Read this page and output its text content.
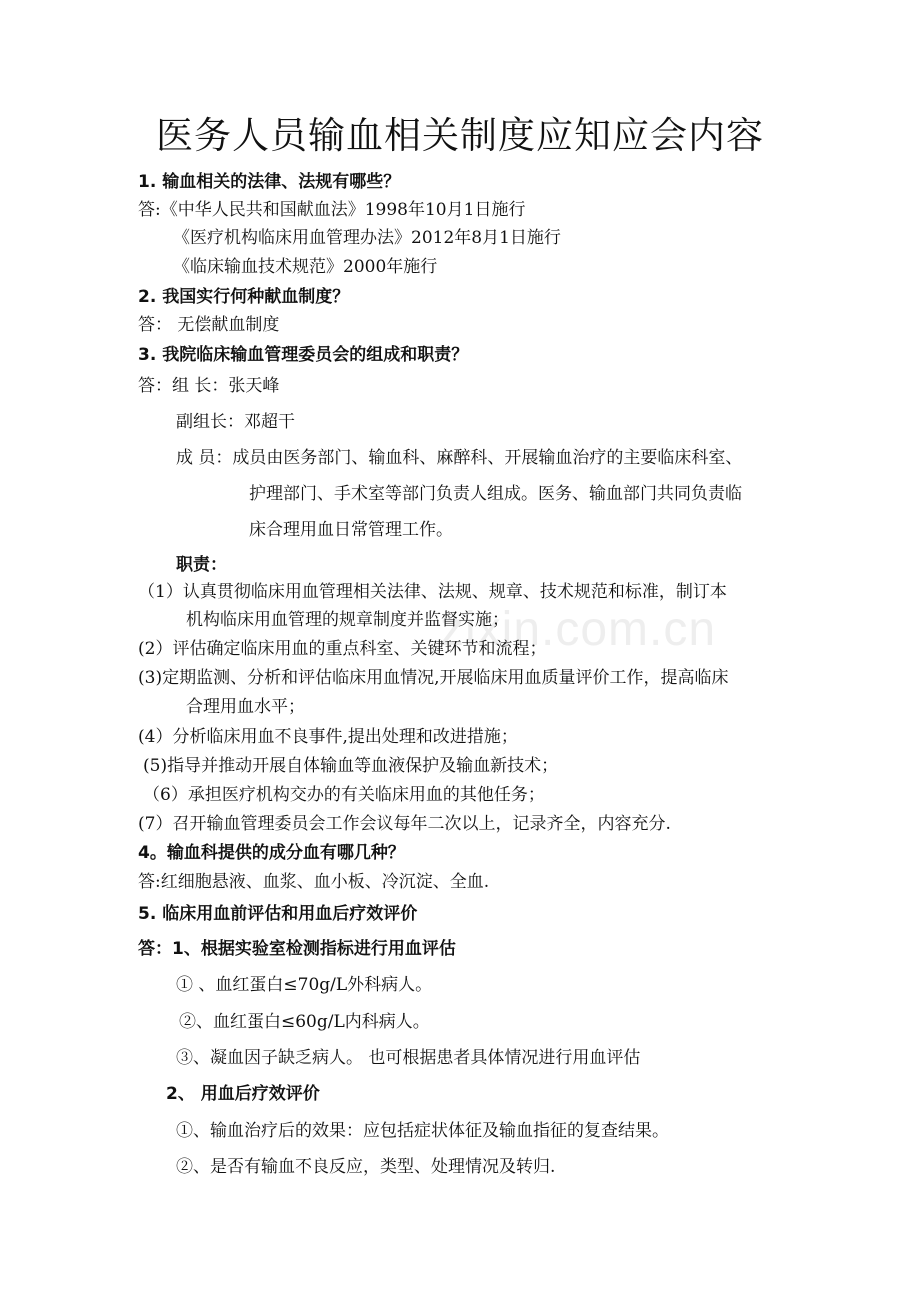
zixin.com.cn
医务人员输血相关制度应知应会内容
1. 输血相关的法律、法规有哪些？
答:《中华人民共和国献血法》1998年10月1日施行
《医疗机构临床用血管理办法》2012年8月1日施行
《临床输血技术规范》2000年施行
2. 我国实行何种献血制度？
答： 无偿献血制度
3. 我院临床输血管理委员会的组成和职责？
答：组 长：张天峰
副组长：邓超干
成 员：成员由医务部门、输血科、麻醉科、开展输血治疗的主要临床科室、
护理部门、手术室等部门负责人组成。医务、输血部门共同负责临
床合理用血日常管理工作。
职责：
（1）认真贯彻临床用血管理相关法律、法规、规章、技术规范和标准，制订本
机构临床用血管理的规章制度并监督实施；
(2）评估确定临床用血的重点科室、关键环节和流程；
(3)定期监测、分析和评估临床用血情况,开展临床用血质量评价工作，提高临床
合理用血水平；
(4）分析临床用血不良事件,提出处理和改进措施；
(5)指导并推动开展自体输血等血液保护及输血新技术；
（6）承担医疗机构交办的有关临床用血的其他任务；
(7）召开输血管理委员会工作会议每年二次以上，记录齐全，内容充分.
4。输血科提供的成分血有哪几种？
答:红细胞悬液、血浆、血小板、冷沉淀、全血.
5. 临床用血前评估和用血后疗效评价
答：1、根据实验室检测指标进行用血评估
① 、血红蛋白≤70g/L外科病人。
②、血红蛋白≤60g/L内科病人。
③、凝血因子缺乏病人。 也可根据患者具体情况进行用血评估
2、 用血后疗效评价
①、输血治疗后的效果：应包括症状体征及输血指征的复查结果。
②、是否有输血不良反应，类型、处理情况及转归.
